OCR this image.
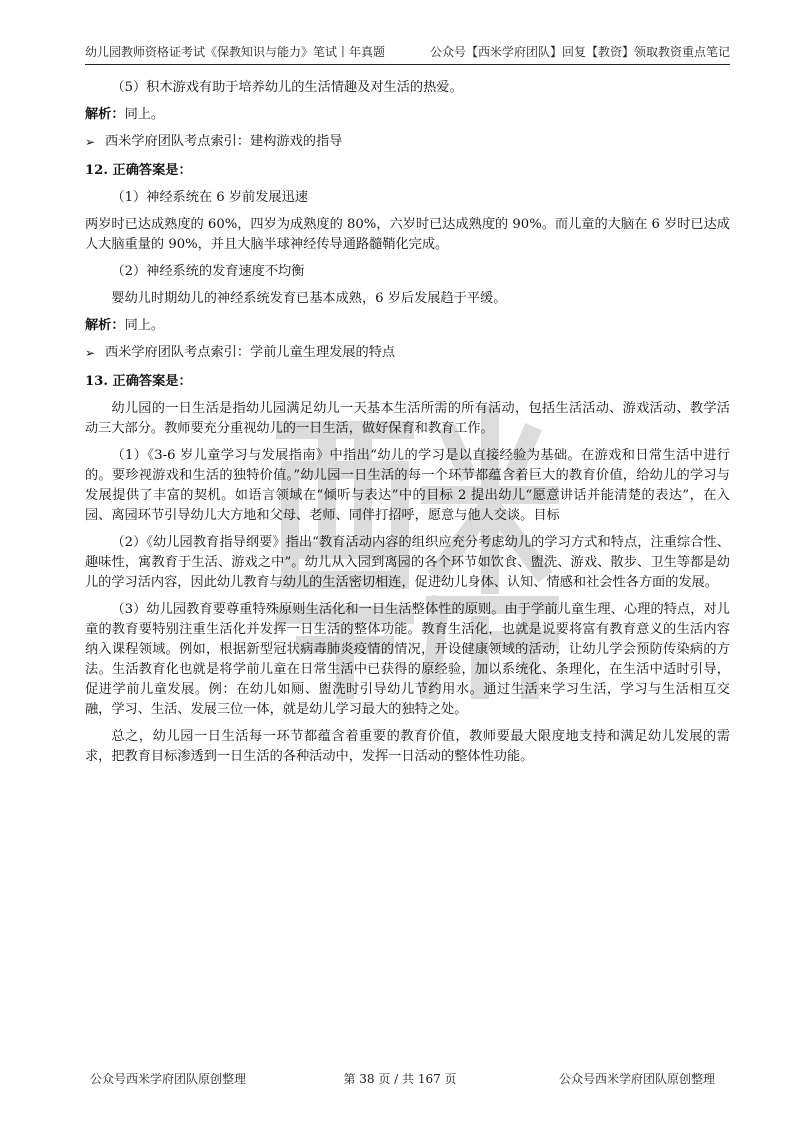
幼儿园教师资格证考试《保教知识与能力》笔试丨年真题	公众号【西米学府团队】回复【教资】领取教资重点笔记

（5）积木游戏有助于培养幼儿的生活情趣及对生活的热爱。

解析：同上。

➢ 西米学府团队考点索引：建构游戏的指导

12. 正确答案是：

（1）神经系统在 6 岁前发展迅速

两岁时已达成熟度的 60%，四岁为成熟度的 80%，六岁时已达成熟度的 90%。而儿童的大脑在 6 岁时已达成人大脑重量的 90%，并且大脑半球神经传导通路髓鞘化完成。

（2）神经系统的发育速度不均衡

婴幼儿时期幼儿的神经系统发育已基本成熟，6 岁后发展趋于平缓。

解析：同上。

➢ 西米学府团队考点索引：学前儿童生理发展的特点

13. 正确答案是：

幼儿园的一日生活是指幼儿园满足幼儿一天基本生活所需的所有活动，包括生活活动、游戏活动、教学活动三大部分。教师要充分重视幼儿的一日生活，做好保育和教育工作。

（1）《3-6 岁儿童学习与发展指南》中指出“幼儿的学习是以直接经验为基础。在游戏和日常生活中进行的。要珍视游戏和生活的独特价值。”幼儿园一日生活的每一个环节都蕴含着巨大的教育价值，给幼儿的学习与发展提供了丰富的契机。如语言领域在“倾听与表达”中的目标 2 提出幼儿“愿意讲话并能清楚的表达”，在入园、离园环节引导幼儿大方地和父母、老师、同伴打招呼，愿意与他人交谈。目标

（2）《幼儿园教育指导纲要》指出“教育活动内容的组织应充分考虑幼儿的学习方式和特点，注重综合性、趣味性，寓教育于生活、游戏之中”。幼儿从入园到离园的各个环节如饮食、盥洗、游戏、散步、卫生等都是幼儿的学习活内容，因此幼儿教育与幼儿的生活密切相连，促进幼儿身体、认知、情感和社会性各方面的发展。

（3）幼儿园教育要尊重特殊原则生活化和一日生活整体性的原则。由于学前儿童生理、心理的特点，对儿童的教育要特别注重生活化并发挥一日生活的整体功能。教育生活化，也就是说要将富有教育意义的生活内容纳入课程领域。例如，根据新型冠状病毒肺炎疫情的情况，开设健康领域的活动，让幼儿学会预防传染病的方法。生活教育化也就是将学前儿童在日常生活中已获得的原经验，加以系统化、条理化，在生活中适时引导，促进学前儿童发展。例：在幼儿如厕、盥洗时引导幼儿节约用水。通过生活来学习生活，学习与生活相互交融，学习、生活、发展三位一体，就是幼儿学习最大的独特之处。

总之，幼儿园一日生活每一环节都蕴含着重要的教育价值，教师要最大限度地支持和满足幼儿发展的需求，把教育目标渗透到一日生活的各种活动中，发挥一日活动的整体性功能。

公众号西米学府团队原创整理	第 38 页 / 共 167 页	公众号西米学府团队原创整理
